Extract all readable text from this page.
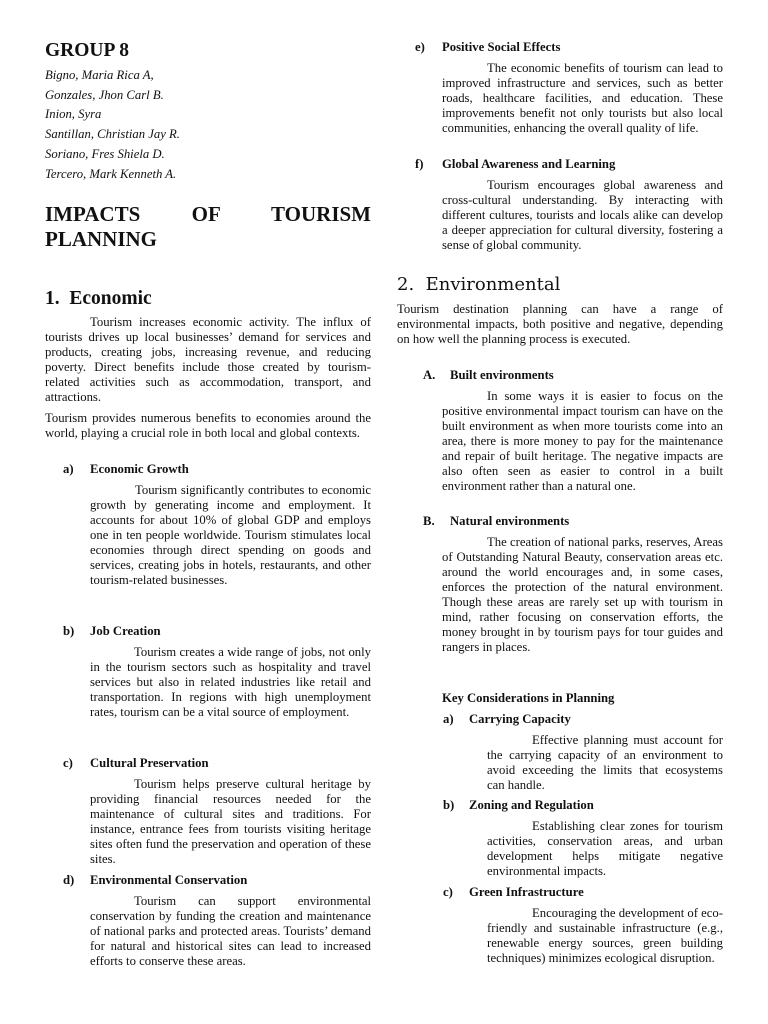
GROUP 8
Bigno, Maria Rica A,
Gonzales, Jhon Carl B.
Inion, Syra
Santillan, Christian Jay R.
Soriano, Fres Shiela D.
Tercero, Mark Kenneth A.
IMPACTS OF TOURISM
PLANNING
1.  Economic

Tourism increases economic activity. The influx of tourists drives up local businesses’ demand for services and products, creating jobs, increasing revenue, and reducing poverty. Direct benefits include those created by tourism-related activities such as accommodation, transport, and attractions.

Tourism provides numerous benefits to economies around the world, playing a crucial role in both local and global contexts.

a) Economic Growth

Tourism significantly contributes to economic growth by generating income and employment. It accounts for about 10% of global GDP and employs one in ten people worldwide. Tourism stimulates local economies through direct spending on goods and services, creating jobs in hotels, restaurants, and other tourism-related businesses.

b) Job Creation

Tourism creates a wide range of jobs, not only in the tourism sectors such as hospitality and travel services but also in related industries like retail and transportation. In regions with high unemployment rates, tourism can be a vital source of employment.

c) Cultural Preservation

Tourism helps preserve cultural heritage by providing financial resources needed for the maintenance of cultural sites and traditions. For instance, entrance fees from tourists visiting heritage sites often fund the preservation and operation of these sites.

d) Environmental Conservation

Tourism can support environmental conservation by funding the creation and maintenance of national parks and protected areas. Tourists’ demand for natural and historical sites can lead to increased efforts to conserve these areas.

e) Positive Social Effects

The economic benefits of tourism can lead to improved infrastructure and services, such as better roads, healthcare facilities, and education. These improvements benefit not only tourists but also local communities, enhancing the overall quality of life.

f) Global Awareness and Learning

Tourism encourages global awareness and cross-cultural understanding. By interacting with different cultures, tourists and locals alike can develop a deeper appreciation for cultural diversity, fostering a sense of global community.

2.  Environmental

Tourism destination planning can have a range of environmental impacts, both positive and negative, depending on how well the planning process is executed.

A. Built environments

In some ways it is easier to focus on the positive environmental impact tourism can have on the built environment as when more tourists come into an area, there is more money to pay for the maintenance and repair of built heritage. The negative impacts are also often seen as easier to control in a built environment rather than a natural one.

B. Natural environments

The creation of national parks, reserves, Areas of Outstanding Natural Beauty, conservation areas etc. around the world encourages and, in some cases, enforces the protection of the natural environment. Though these areas are rarely set up with tourism in mind, rather focusing on conservation efforts, the money brought in by tourism pays for tour guides and rangers in places.

Key Considerations in Planning
a) Carrying Capacity

Effective planning must account for the carrying capacity of an environment to avoid exceeding the limits that ecosystems can handle.

b) Zoning and Regulation

Establishing clear zones for tourism activities, conservation areas, and urban development helps mitigate negative environmental impacts.

c) Green Infrastructure

Encouraging the development of eco-friendly and sustainable infrastructure (e.g., renewable energy sources, green building techniques) minimizes ecological disruption.
